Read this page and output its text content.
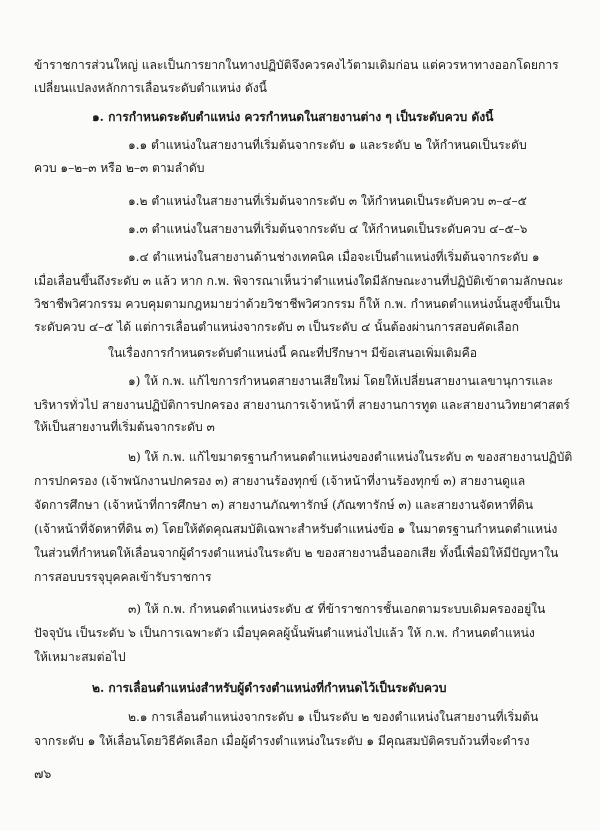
ข้าราชการส่วนใหญ่ และเป็นการยากในทางปฏิบัติจึงควรคงไว้ตามเดิมก่อน แต่ควรหาทางออกโดยการ
เปลี่ยนแปลงหลักการเลื่อนระดับตำแหน่ง ดังนี้
๑. การกำหนดระดับตำแหน่ง ควรกำหนดในสายงานต่าง ๆ เป็นระดับควบ ดังนี้
๑.๑ ตำแหน่งในสายงานที่เริ่มต้นจากระดับ ๑ และระดับ ๒ ให้กำหนดเป็นระดับ
ควบ ๑–๒–๓ หรือ ๒–๓ ตามลำดับ
๑.๒ ตำแหน่งในสายงานที่เริ่มต้นจากระดับ ๓ ให้กำหนดเป็นระดับควบ ๓–๔–๕
๑.๓ ตำแหน่งในสายงานที่เริ่มต้นจากระดับ ๔ ให้กำหนดเป็นระดับควบ ๔–๕–๖
๑.๔ ตำแหน่งในสายงานด้านช่างเทคนิค เมื่อจะเป็นตำแหน่งที่เริ่มต้นจากระดับ ๑
เมื่อเลื่อนขึ้นถึงระดับ ๓ แล้ว หาก ก.พ. พิจารณาเห็นว่าตำแหน่งใดมีลักษณะงานที่ปฏิบัติเข้าตามลักษณะ
วิชาชีพวิศวกรรม ควบคุมตามกฎหมายว่าด้วยวิชาชีพวิศวกรรม ก็ให้ ก.พ. กำหนดตำแหน่งนั้นสูงขึ้นเป็น
ระดับควบ ๔–๕ ได้ แต่การเลื่อนตำแหน่งจากระดับ ๓ เป็นระดับ ๔ นั้นต้องผ่านการสอบคัดเลือก
ในเรื่องการกำหนดระดับตำแหน่งนี้ คณะที่ปรึกษาฯ มีข้อเสนอเพิ่มเติมคือ
๑) ให้ ก.พ. แก้ไขการกำหนดสายงานเสียใหม่ โดยให้เปลี่ยนสายงานเลขานุการและ
บริหารทั่วไป สายงานปฏิบัติการปกครอง สายงานการเจ้าหน้าที่ สายงานการทูต และสายงานวิทยาศาสตร์
ให้เป็นสายงานที่เริ่มต้นจากระดับ ๓
๒) ให้ ก.พ. แก้ไขมาตรฐานกำหนดตำแหน่งของตำแหน่งในระดับ ๓ ของสายงานปฏิบัติ
การปกครอง (เจ้าพนักงานปกครอง ๓) สายงานร้องทุกข์ (เจ้าหน้าที่งานร้องทุกข์ ๓) สายงานดูแล
จัดการศึกษา (เจ้าหน้าที่การศึกษา ๓) สายงานภัณฑารักษ์ (ภัณฑารักษ์ ๓) และสายงานจัดหาที่ดิน
(เจ้าหน้าที่จัดหาที่ดิน ๓) โดยให้ตัดคุณสมบัติเฉพาะสำหรับตำแหน่งข้อ ๑ ในมาตรฐานกำหนดตำแหน่ง
ในส่วนที่กำหนดให้เลื่อนจากผู้ดำรงตำแหน่งในระดับ ๒ ของสายงานอื่นออกเสีย ทั้งนี้เพื่อมิให้มีปัญหาใน
การสอบบรรจุบุคคลเข้ารับราชการ
๓) ให้ ก.พ. กำหนดตำแหน่งระดับ ๕ ที่ข้าราชการชั้นเอกตามระบบเดิมครองอยู่ใน
ปัจจุบัน เป็นระดับ ๖ เป็นการเฉพาะตัว เมื่อบุคคลผู้นั้นพ้นตำแหน่งไปแล้ว ให้ ก.พ. กำหนดตำแหน่ง
ให้เหมาะสมต่อไป
๒. การเลื่อนตำแหน่งสำหรับผู้ดำรงตำแหน่งที่กำหนดไว้เป็นระดับควบ
๒.๑ การเลื่อนตำแหน่งจากระดับ ๑ เป็นระดับ ๒ ของตำแหน่งในสายงานที่เริ่มต้น
จากระดับ ๑ ให้เลื่อนโดยวิธีคัดเลือก เมื่อผู้ดำรงตำแหน่งในระดับ ๑ มีคุณสมบัติครบถ้วนที่จะดำรง
๗๖
